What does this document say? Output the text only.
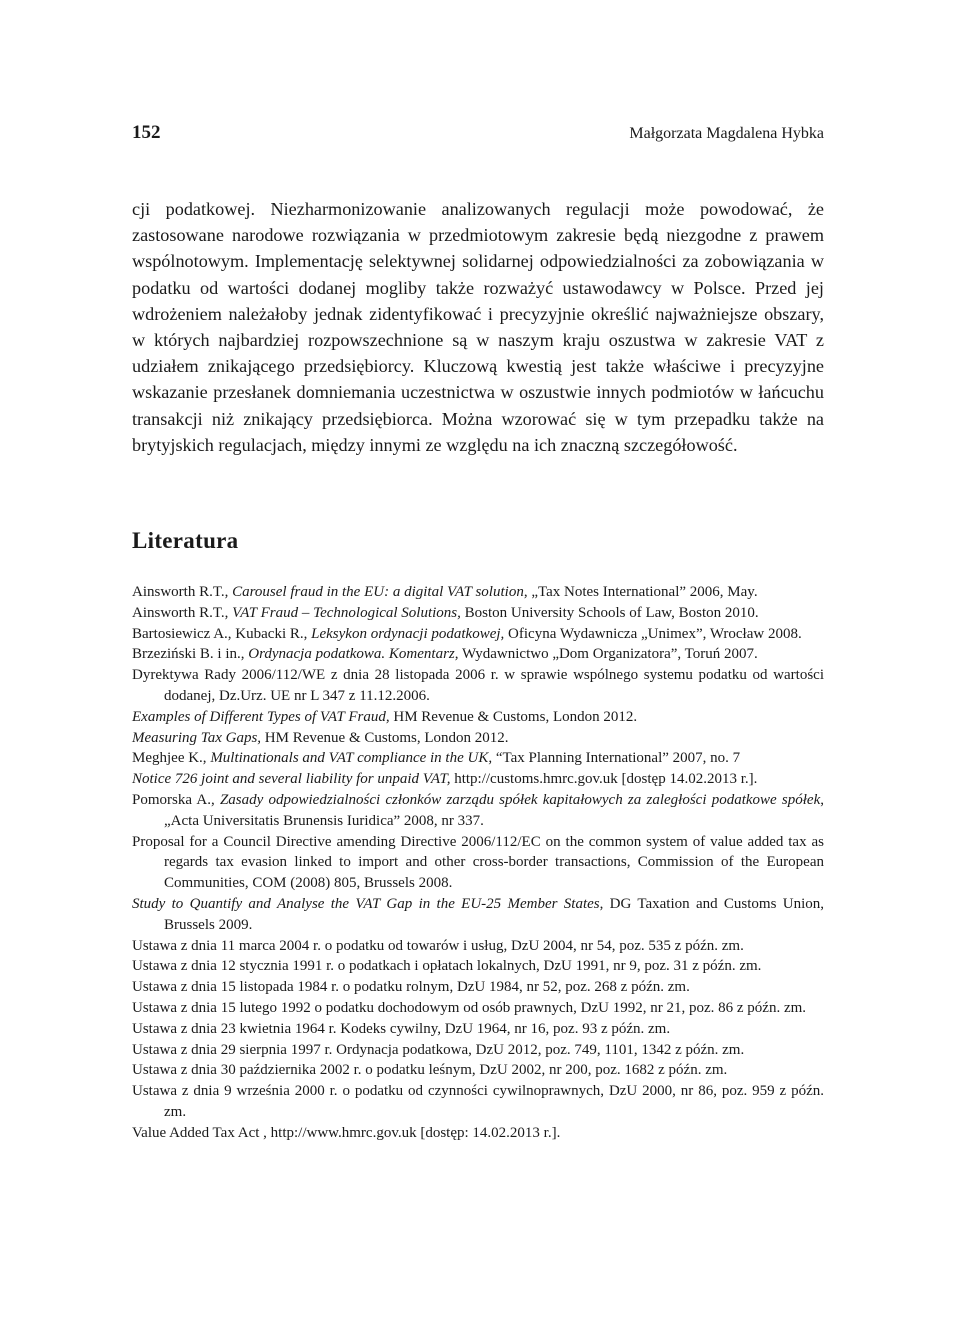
152	Małgorzata Magdalena Hybka
cji podatkowej. Niezharmonizowanie analizowanych regulacji może powodować, że zastosowane narodowe rozwiązania w przedmiotowym zakresie będą niezgodne z prawem wspólnotowym. Implementację selektywnej solidarnej odpowiedzialności za zobowiązania w podatku od wartości dodanej mogliby także rozważyć ustawodawcy w Polsce. Przed jej wdrożeniem należałoby jednak zidentyfikować i precyzyjnie określić najważniejsze obszary, w których najbardziej rozpowszechnione są w naszym kraju oszustwa w zakresie VAT z udziałem znikającego przedsiębiorcy. Kluczową kwestią jest także właściwe i precyzyjne wskazanie przesłanek domniemania uczestnictwa w oszustwie innych podmiotów w łańcuchu transakcji niż znikający przedsiębiorca. Można wzorować się w tym przepadku także na brytyjskich regulacjach, między innymi ze względu na ich znaczną szczegółowość.
Literatura

Ainsworth R.T., Carousel fraud in the EU: a digital VAT solution, „Tax Notes International” 2006, May.

Ainsworth R.T., VAT Fraud – Technological Solutions, Boston University Schools of Law, Boston 2010.

Bartosiewicz A., Kubacki R., Leksykon ordynacji podatkowej, Oficyna Wydawnicza „Unimex”, Wrocław 2008.

Brzeziński B. i in., Ordynacja podatkowa. Komentarz, Wydawnictwo „Dom Organizatora”, Toruń 2007.

Dyrektywa Rady 2006/112/WE z dnia 28 listopada 2006 r. w sprawie wspólnego systemu podatku od wartości dodanej, Dz.Urz. UE nr L 347 z 11.12.2006.

Examples of Different Types of VAT Fraud, HM Revenue & Customs, London 2012.

Measuring Tax Gaps, HM Revenue & Customs, London 2012.

Meghjee K., Multinationals and VAT compliance in the UK, “Tax Planning International” 2007, no. 7

Notice 726 joint and several liability for unpaid VAT, http://customs.hmrc.gov.uk [dostęp 14.02.2013 r.].

Pomorska A., Zasady odpowiedzialności członków zarządu spółek kapitałowych za zaległości podatkowe spółek, „Acta Universitatis Brunensis Iuridica” 2008, nr 337.

Proposal for a Council Directive amending Directive 2006/112/EC on the common system of value added tax as regards tax evasion linked to import and other cross-border transactions, Commission of the European Communities, COM (2008) 805, Brussels 2008.

Study to Quantify and Analyse the VAT Gap in the EU-25 Member States, DG Taxation and Customs Union, Brussels 2009.

Ustawa z dnia 11 marca 2004 r. o podatku od towarów i usług, DzU 2004, nr 54, poz. 535 z późn. zm.

Ustawa z dnia 12 stycznia 1991 r. o podatkach i opłatach lokalnych, DzU 1991, nr 9, poz. 31 z późn. zm.

Ustawa z dnia 15 listopada 1984 r. o podatku rolnym, DzU 1984, nr 52, poz. 268 z późn. zm.

Ustawa z dnia 15 lutego 1992 o podatku dochodowym od osób prawnych, DzU 1992, nr 21, poz. 86 z późn. zm.

Ustawa z dnia 23 kwietnia 1964 r. Kodeks cywilny, DzU 1964, nr 16, poz. 93 z późn. zm.

Ustawa z dnia 29 sierpnia 1997 r. Ordynacja podatkowa, DzU 2012, poz. 749, 1101, 1342 z późn. zm.

Ustawa z dnia 30 października 2002 r. o podatku leśnym, DzU 2002, nr 200, poz. 1682 z późn. zm.

Ustawa z dnia 9 września 2000 r. o podatku od czynności cywilnoprawnych, DzU 2000, nr 86, poz. 959 z późn. zm.

Value Added Tax Act , http://www.hmrc.gov.uk [dostęp: 14.02.2013 r.].
